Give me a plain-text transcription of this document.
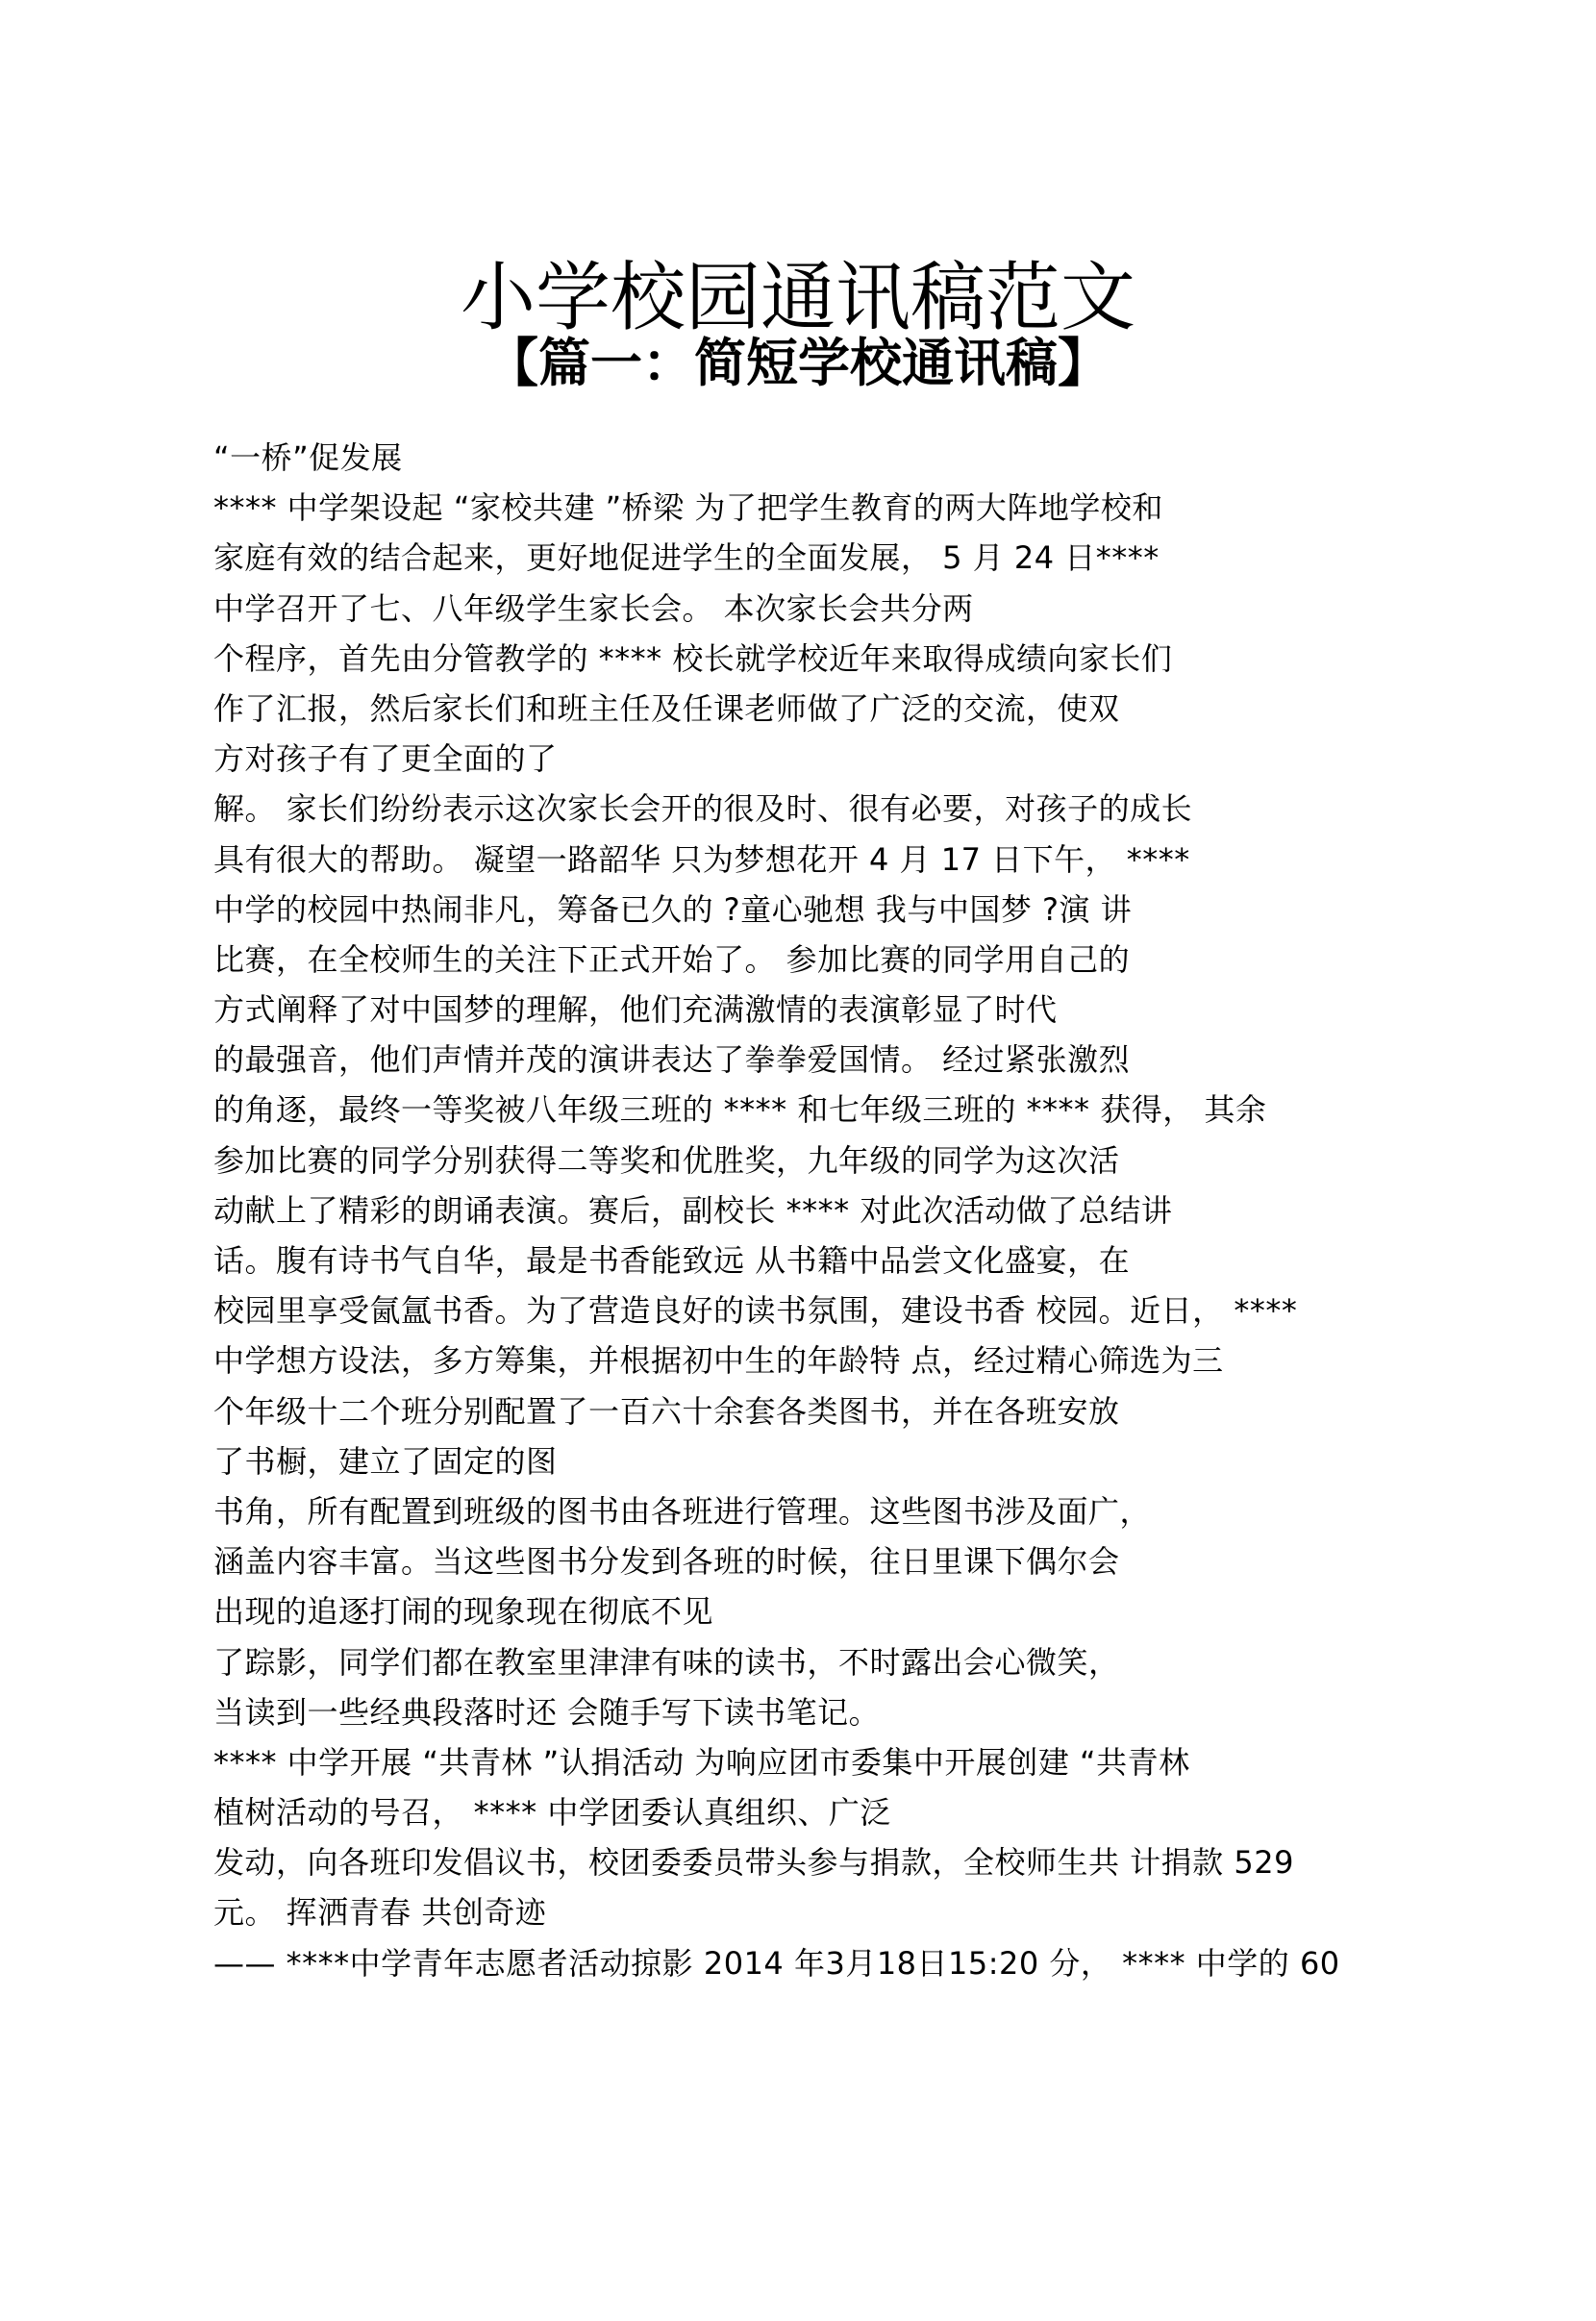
小学校园通讯稿范文
【篇一：简短学校通讯稿】
“一桥”促发展
**** 中学架设起 “家校共建 ”桥梁 为了把学生教育的两大阵地学校和
家庭有效的结合起来，更好地促进学生的全面发展， 5 月 24 日****
中学召开了七、八年级学生家长会。 本次家长会共分两
个程序，首先由分管教学的 **** 校长就学校近年来取得成绩向家长们
作了汇报，然后家长们和班主任及任课老师做了广泛的交流，使双
方对孩子有了更全面的了
解。 家长们纷纷表示这次家长会开的很及时、很有必要，对孩子的成长
具有很大的帮助。 凝望一路韶华 只为梦想花开 4 月 17 日下午， ****
中学的校园中热闹非凡，筹备已久的 ?童心驰想 我与中国梦 ?演 讲
比赛，在全校师生的关注下正式开始了。 参加比赛的同学用自己的
方式阐释了对中国梦的理解，他们充满激情的表演彰显了时代
的最强音，他们声情并茂的演讲表达了拳拳爱国情。 经过紧张激烈
的角逐，最终一等奖被八年级三班的 **** 和七年级三班的 **** 获得， 其余
参加比赛的同学分别获得二等奖和优胜奖，九年级的同学为这次活
动献上了精彩的朗诵表演。赛后，副校长 **** 对此次活动做了总结讲
话。腹有诗书气自华，最是书香能致远 从书籍中品尝文化盛宴，在
校园里享受氤氲书香。为了营造良好的读书氛围，建设书香 校园。近日， ****
中学想方设法，多方筹集，并根据初中生的年龄特 点，经过精心筛选为三
个年级十二个班分别配置了一百六十余套各类图书，并在各班安放
了书橱，建立了固定的图
书角，所有配置到班级的图书由各班进行管理。这些图书涉及面广，
涵盖内容丰富。当这些图书分发到各班的时候，往日里课下偶尔会
出现的追逐打闹的现象现在彻底不见
了踪影，同学们都在教室里津津有味的读书，不时露出会心微笑，
当读到一些经典段落时还 会随手写下读书笔记。
**** 中学开展 “共青林 ”认捐活动 为响应团市委集中开展创建 “共青林
植树活动的号召， **** 中学团委认真组织、广泛
发动，向各班印发倡议书，校团委委员带头参与捐款，全校师生共 计捐款 529
元。 挥洒青春 共创奇迹
—— ****中学青年志愿者活动掠影 2014 年3月18日15:20 分， **** 中学的 60
